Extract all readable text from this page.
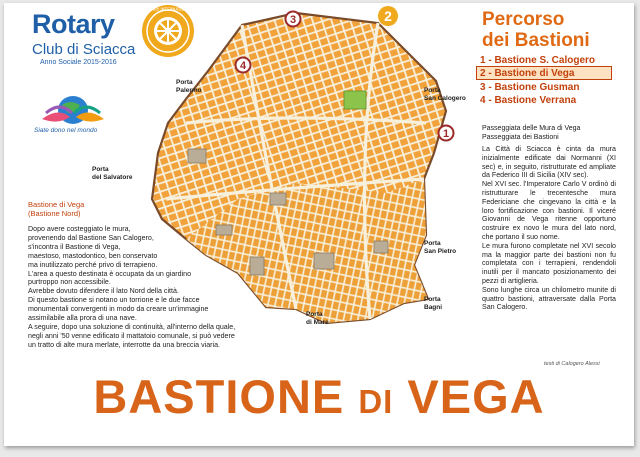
Rotary
Club di Sciacca
Anno Sociale 2015-2016
ROTARY INTERNATIONAL
Siate dono nel mondo	1
2
3
4
Porta
Palermo	Porta
San Calogero
Porta
del Salvatore
Porta
San Pietro
Porta
Bagni
Porta
di Mare
Percorso
dei Bastioni
1 - Bastione S. Calogero
2 - Bastione di Vega
3 - Bastione Gusman
4 - Bastione Verrana
Passeggiata delle Mura di Vega
Passeggiata dei Bastioni

La Città di Sciacca è cinta da mura inizialmente edificate dai Normanni (XI sec) e, in seguito, ristrutturate ed ampliate da Federico III di Sicilia (XIV sec).

Nel XVI sec. l'Imperatore Carlo V ordinò di ristrutturare le trecentesche mura Federiciane che cingevano la città e la loro fortificazione con bastioni. Il viceré Giovanni de Vega ritenne opportuno costruire ex novo le mura del lato nord, che portano il suo nome.

Le mura furono completate nel XVI secolo ma la maggior parte dei bastioni non fu completata con i terrapieni, rendendoli inutili per il mancato posizionamento dei pezzi di artiglieria.

Sono lunghe circa un chilometro munite di quattro bastioni, attraversate dalla Porta San Calogero.

testi di Calogero Alessi
Bastione di Vega
(Bastione Nord)
Dopo avere costeggiato le mura,
provenendo dal Bastione San Calogero,
s'incontra il Bastione di Vega,
maestoso, mastodontico, ben conservato
ma inutilizzato perché privo di terrapieno.
L'area a questo destinata è occupata da un giardino
purtroppo non accessibile.
Avrebbe dovuto difendere il lato Nord della città.
Di questo bastione si notano un torrione e le due facce
monumentali convergenti in modo da creare un'immagine
assimilabile alla prora di una nave.
A seguire, dopo una soluzione di continuità, all'interno della quale,
negli anni '50 venne edificato il mattatoio comunale, si può vedere
un tratto di alte mura merlate, interrotte da una breccia viaria.
BASTIONE DI VEGA
